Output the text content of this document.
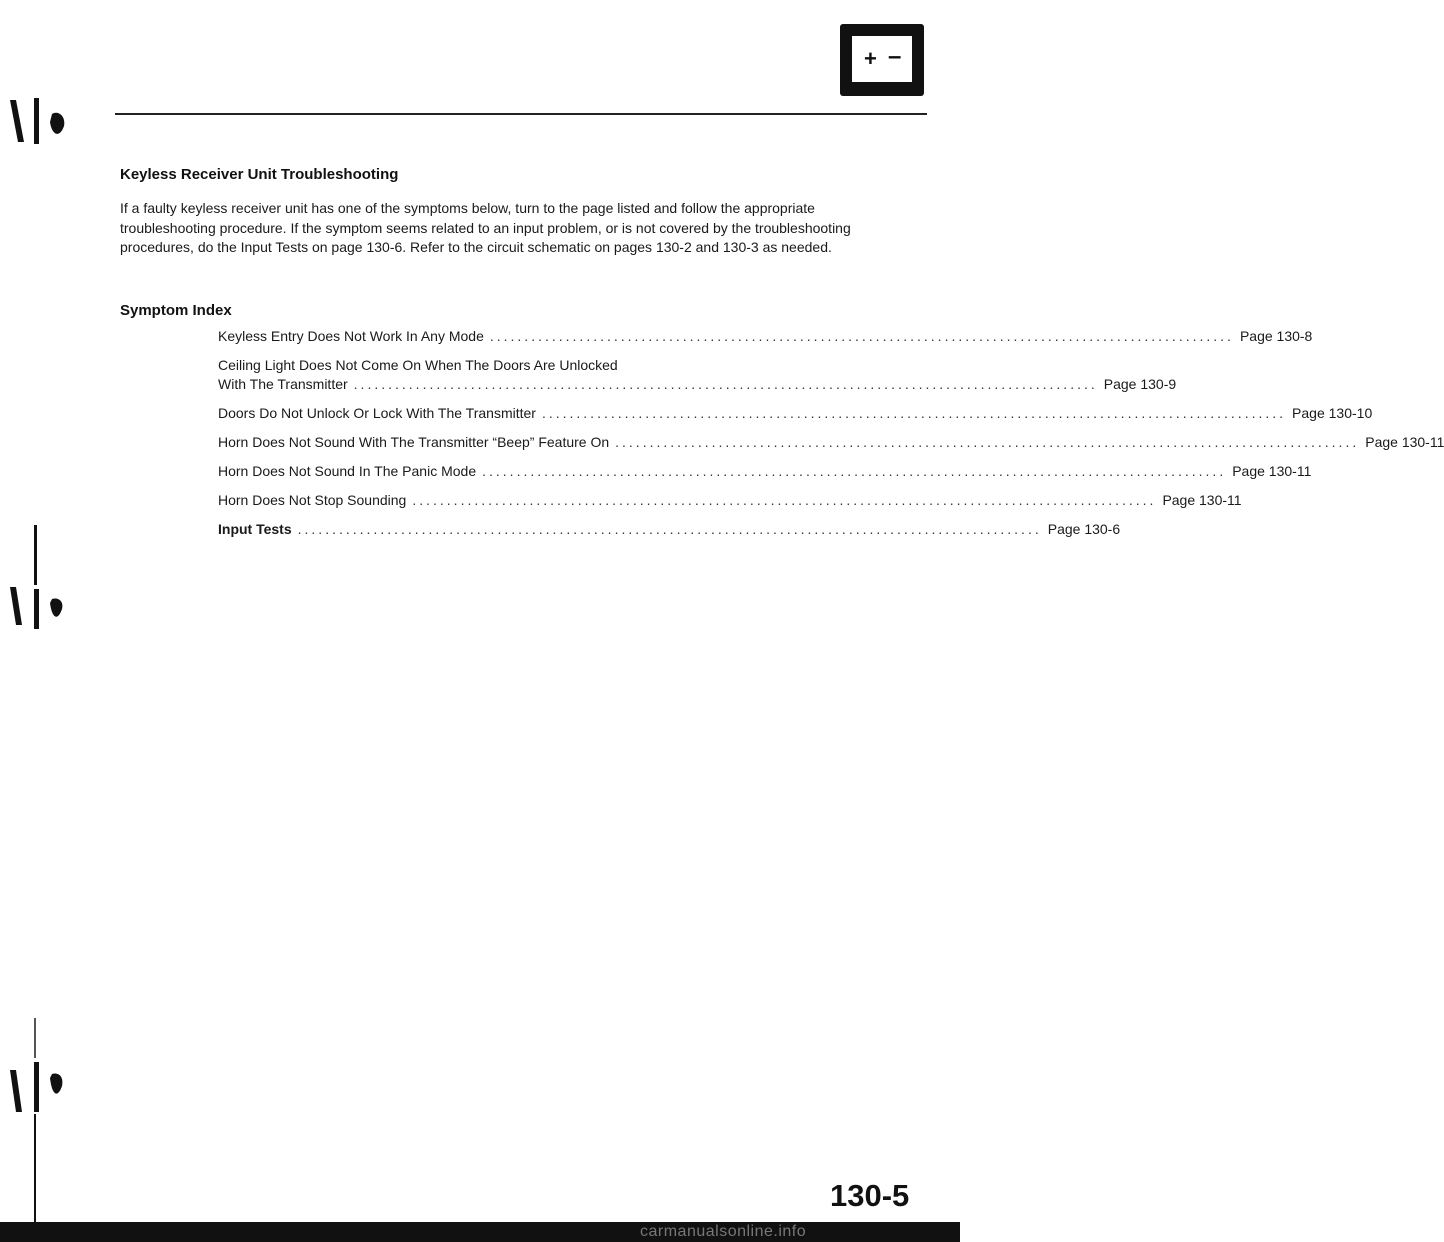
+ –
Keyless Receiver Unit Troubleshooting

If a faulty keyless receiver unit has one of the symptoms below, turn to the page listed and follow the appropriate troubleshooting procedure. If the symptom seems related to an input problem, or is not covered by the troubleshooting procedures, do the Input Tests on page 130-6. Refer to the circuit schematic on pages 130-2 and 130-3 as needed.

Symptom Index
Keyless Entry Does Not Work In Any Mode ............................................................................................................ Page 130-8
Ceiling Light Does Not Come On When The Doors Are Unlocked
With The Transmitter ............................................................................................................ Page 130-9
Doors Do Not Unlock Or Lock With The Transmitter ............................................................................................................ Page 130-10
Horn Does Not Sound With The Transmitter “Beep” Feature On ............................................................................................................ Page 130-11
Horn Does Not Sound In The Panic Mode ............................................................................................................ Page 130-11
Horn Does Not Stop Sounding ............................................................................................................ Page 130-11
Input Tests ............................................................................................................ Page 130-6
130-5
carmanualsonline.info
